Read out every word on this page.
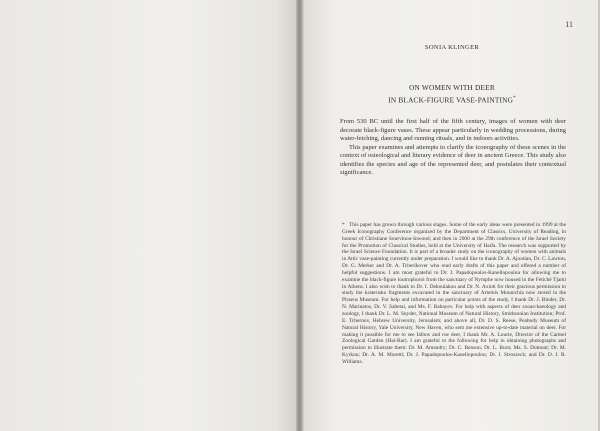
11
SONIA KLINGER
ON WOMEN WITH DEER
IN BLACK-FIGURE VASE-PAINTING*

From 530 BC until the first half of the fifth century, images of women with deer decorate black-figure vases. These appear particularly in wedding processions, during water-fetching, dancing and running rituals, and in indoors activities.

This paper examines and attempts to clarify the iconography of these scenes in the context of osteological and literary evidence of deer in ancient Greece. This study also identifies the species and age of the represented deer, and postulates their contextual significance.

* This paper has grown through various stages. Some of the early ideas were presented in 1999 at the Greek Iconography Conference organized by the Department of Classics, University of Reading, in honour of Christiane Sourvinou-Inwood; and then in 2000 at the 29th conference of the Israel Society for the Promotion of Classical Studies, held at the University of Haifa. The research was supported by the Israel Science Foundation. It is part of a broader study on the iconography of women with animals in Attic vase-painting currently under preparation. I would like to thank Dr. A. Ajootian, Dr. C. Lawton, Dr. G. Merker and Dr. A. Tcherikover who read early drafts of this paper and offered a number of helpful suggestions. I am most grateful to Dr. J. Papadopoulos-Kanellopoulou for allowing me to examine the black-figure loutrophoroi from the sanctuary of Nymphe now housed in the Fetiché Tjami in Athens. I also wish to thank to Dr. I. Dekoulakou and Dr. N. Axioti for their gracious permission to study the kraterisko fragments excavated in the sanctuary of Artemis Mounichia now stored in the Piraeus Museum. For help and information on particular points of the study, I thank Dr. J. Binder, Dr. N. Marinatos, Dr. V. Sabetai, and Ms. F. Bahayev. For help with aspects of deer zooarchaeology and zoology, I thank Dr. L. M. Snyder, National Museum of Natural History, Smithsonian Institution; Prof. E. Tchernov, Hebrew University, Jerusalem; and above all, Dr. D. S. Reese, Peabody Museum of Natural History, Yale University, New Haven, who sent me extensive up-to-date material on deer. For making it possible for me to see fallow and roe deer, I thank Mr. A. Lourie, Director of the Carmel Zoological Garden (Hai-Bar). I am grateful to the following for help in obtaining photographs and permission to illustrate them: Dr. M. Amandry; Dr. C. Benson; Dr. L. Burn; Ms. S. Dumont; Dr. M. Kyrkou; Dr. A. M. Moretti; Dr. J. Papadopoulos-Kanellopoulou; Dr. J. Stroszeck; and Dr. D. J. R. Williams.
